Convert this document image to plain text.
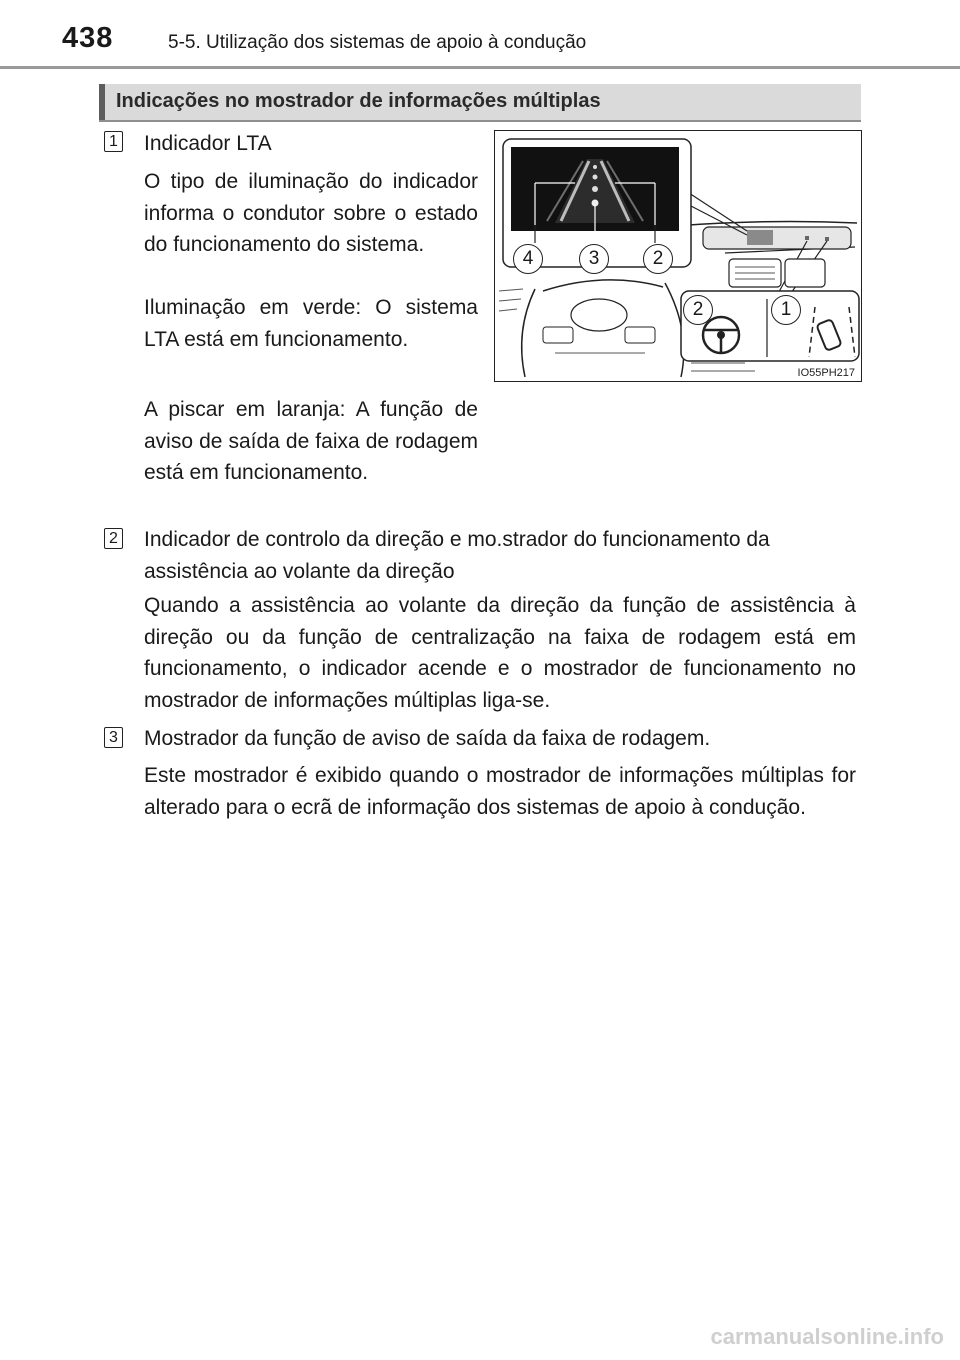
438	5-5. Utilização dos sistemas de apoio à condução
Indicações no mostrador de informações múltiplas
1 Indicador LTA
O tipo de iluminação do indicador informa o condutor sobre o estado do funcionamento do sistema.
Iluminação em verde: O sistema LTA está em funcionamento.
A piscar em laranja: A função de aviso de saída de faixa de rodagem está em funcionamento.
2 Indicador de controlo da direção e mo.strador do funcionamento da assistência ao volante da direção
Quando a assistência ao volante da direção da função de assistência à direção ou da função de centralização na faixa de rodagem está em funcionamento, o indicador acende e o mostrador de funcionamento no mostrador de informações múltiplas liga-se.
3 Mostrador da função de aviso de saída da faixa de rodagem.
Este mostrador é exibido quando o mostrador de informações múltiplas for alterado para o ecrã de informação dos sistemas de apoio à condução.
4	3	2
2	1
IO55PH217
carmanualsonline.info
